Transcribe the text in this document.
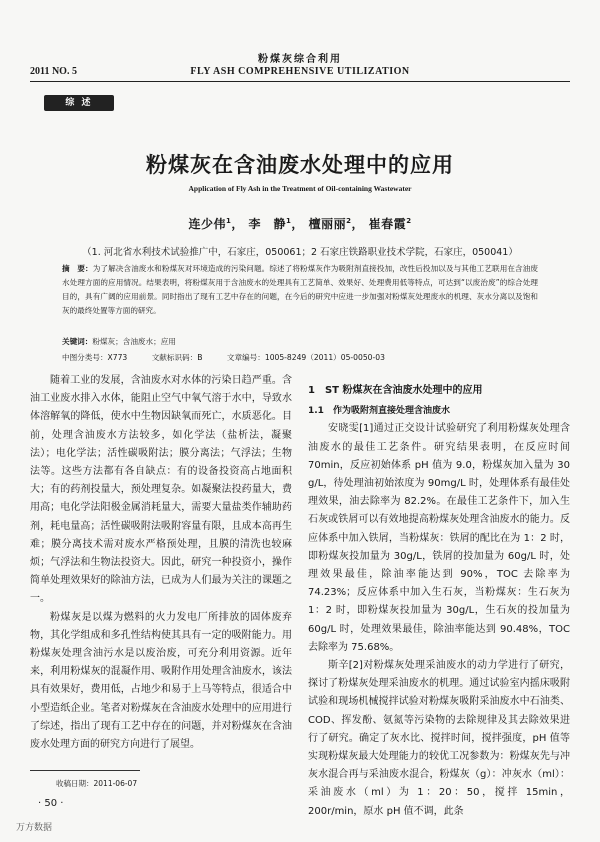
粉煤灰综合利用
2011 NO. 5	FLY ASH COMPREHENSIVE UTILIZATION
综 述
粉煤灰在含油废水处理中的应用
Application of Fly Ash in the Treatment of Oil-containing Wastewater
连少伟$^1$， 李　静$^1$， 檀丽丽$^2$， 崔春霞$^2$
（1. 河北省水利技术试验推广中，石家庄，050061；2 石家庄铁路职业技术学院，石家庄，050041）
摘　要：为了解决含油废水和粉煤灰对环境造成的污染问题。综述了将粉煤灰作为吸附剂直接投加，改性后投加以及与其他工艺联用在含油废水处理方面的应用情况。结果表明，将粉煤灰用于含油废水的处理具有工艺简单、效果好、处理费用低等特点，可达到“以废治废”的综合处理目的，具有广阔的应用前景。同时指出了现有工艺中存在的问题，在今后的研究中应进一步加强对粉煤灰处理废水的机理、灰水分离以及饱和灰的最终处置等方面的研究。
关键词：粉煤灰；含油废水；应用
中图分类号：X773	文献标识码：B	文章编号：1005-8249（2011）05-0050-03

随着工业的发展，含油废水对水体的污染日趋严重。含油工业废水排入水体，能阻止空气中氧气溶于水中，导致水体溶解氧的降低，使水中生物因缺氧而死亡，水质恶化。目前，处理含油废水方法较多，如化学法（盐析法，凝聚法）；电化学法；活性碳吸附法；膜分离法；气浮法；生物法等。这些方法都有各自缺点：有的设备投资高占地面积大；有的药剂投量大，预处理复杂。如凝聚法投药量大，费用高；电化学法阳极金属消耗量大，需要大量盐类作辅助药剂，耗电量高；活性碳吸附法吸附容量有限，且成本高再生难；膜分离技术需对废水严格预处理，且膜的清洗也较麻烦；气浮法和生物法投资大。因此，研究一种投资小，操作简单处理效果好的除油方法，已成为人们最为关注的课题之一。

粉煤灰是以煤为燃料的火力发电厂所排放的固体废弃物，其化学组成和多孔性结构使其具有一定的吸附能力。用粉煤灰处理含油污水是以废治废，可充分利用资源。近年来，利用粉煤灰的混凝作用、吸附作用处理含油废水，该法具有效果好，费用低，占地少和易于上马等特点，很适合中小型造纸企业。笔者对粉煤灰在含油废水处理中的应用进行了综述，指出了现有工艺中存在的问题，并对粉煤灰在含油废水处理方面的研究方向进行了展望。

1　ST 粉煤灰在含油废水处理中的应用

1.1　作为吸附剂直接处理含油废水

安晓雯[1]通过正交设计试验研究了利用粉煤灰处理含油废水的最佳工艺条件。研究结果表明，在反应时间 70min，反应初始体系 pH 值为 9.0，粉煤灰加入量为 30 g/L，待处理油初始浓度为 90mg/L 时，处理体系有最佳处理效果，油去除率为 82.2%。在最佳工艺条件下，加入生石灰或铁屑可以有效地提高粉煤灰处理含油废水的能力。反应体系中加入铁屑，当粉煤灰：铁屑的配比在为 1：2 时，即粉煤灰投加量为 30g/L，铁屑的投加量为 60g/L 时，处理效果最佳，除油率能达到 90%，TOC 去除率为 74.23%；反应体系中加入生石灰，当粉煤灰：生石灰为 1：2 时，即粉煤灰投加量为 30g/L，生石灰的投加量为 60g/L 时，处理效果最佳，除油率能达到 90.48%，TOC 去除率为 75.68%。

斯辛[2]对粉煤灰处理采油废水的动力学进行了研究，探讨了粉煤灰处理采油废水的机理。通过试验室内摇床吸附试验和现场机械搅拌试验对粉煤灰吸附采油废水中石油类、COD、挥发酚、氨氮等污染物的去除规律及其去除效果进行了研究。确定了灰水比、搅拌时间，搅拌强度，pH 值等实现粉煤灰最大处理能力的较优工况参数为：粉煤灰先与冲灰水混合再与采油废水混合，粉煤灰（g）：冲灰水（ml）：采油废水（ml）为 1：20：50，搅拌 15min，200r/min，原水 pH 值不调，此条

收稿日期：2011-06-07
· 50 ·
万方数据
